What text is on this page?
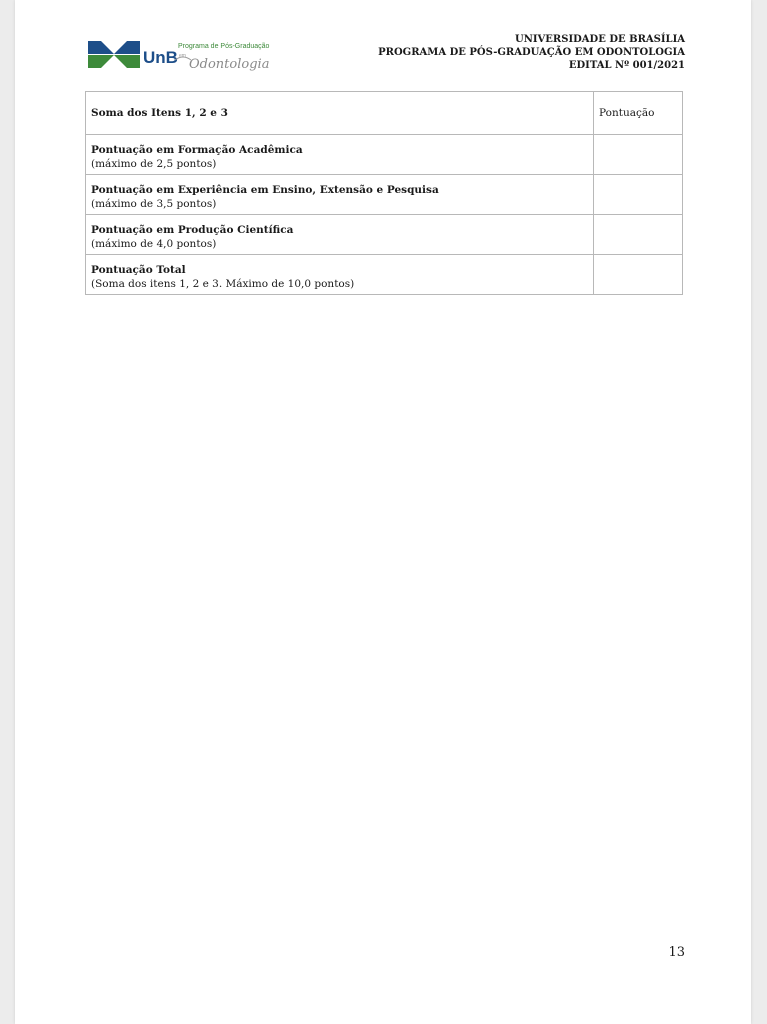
UnB
Programa de Pós-Graduação
em
Odontologia
UNIVERSIDADE DE BRASÍLIA
PROGRAMA DE PÓS-GRADUAÇÃO EM ODONTOLOGIA
EDITAL Nº 001/2021
Soma dos Itens 1, 2 e 3	Pontuação

Pontuação em Formação Acadêmica
(máximo de 2,5 pontos)	

Pontuação em Experiência em Ensino, Extensão e Pesquisa
(máximo de 3,5 pontos)	

Pontuação em Produção Científica
(máximo de 4,0 pontos)	

Pontuação Total
(Soma dos itens 1, 2 e 3. Máximo de 10,0 pontos)	

13
